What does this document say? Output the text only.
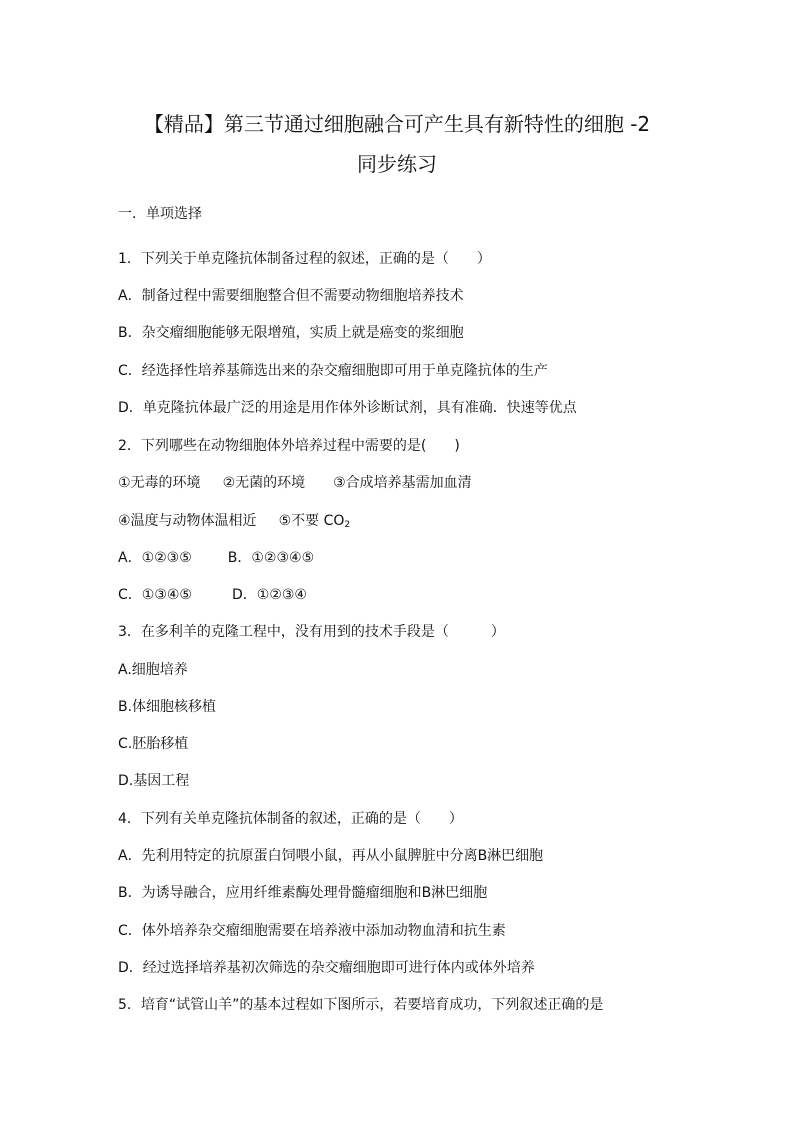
【精品】第三节通过细胞融合可产生具有新特性的细胞 -2
同步练习
一．单项选择
1．下列关于单克隆抗体制备过程的叙述，正确的是（　　）
A．制备过程中需要细胞整合但不需要动物细胞培养技术
B．杂交瘤细胞能够无限增殖，实质上就是癌变的浆细胞
C．经选择性培养基筛选出来的杂交瘤细胞即可用于单克隆抗体的生产
D．单克隆抗体最广泛的用途是用作体外诊断试剂，具有准确．快速等优点
2．下列哪些在动物细胞体外培养过程中需要的是(　　)
①无毒的环境 ②无菌的环境 ③合成培养基需加血清
④温度与动物体温相近 ⑤不要 $CO_2$
A．①②③⑤	B．①②③④⑤
C．①③④⑤	D．①②③④
3．在多利羊的克隆工程中，没有用到的技术手段是（　　　）
A.细胞培养
B.体细胞核移植
C.胚胎移植
D.基因工程
4．下列有关单克隆抗体制备的叙述，正确的是（　　）
A．先利用特定的抗原蛋白饲喂小鼠，再从小鼠脾脏中分离B淋巴细胞
B．为诱导融合，应用纤维素酶处理骨髓瘤细胞和B淋巴细胞
C．体外培养杂交瘤细胞需要在培养液中添加动物血清和抗生素
D．经过选择培养基初次筛选的杂交瘤细胞即可进行体内或体外培养
5．培育“试管山羊”的基本过程如下图所示，若要培育成功，下列叙述正确的是
